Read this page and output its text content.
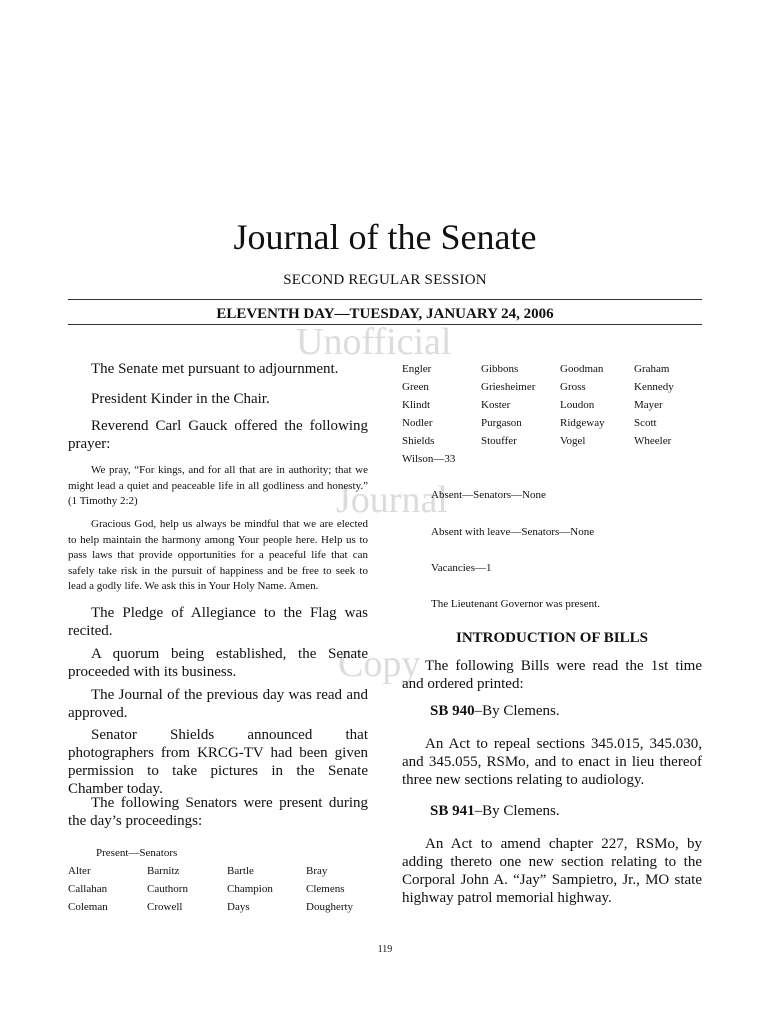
Unofficial
Journal
Copy
Journal of the Senate
SECOND REGULAR SESSION
ELEVENTH DAY—TUESDAY, JANUARY 24, 2006
The Senate met pursuant to adjournment.
President Kinder in the Chair.
Reverend Carl Gauck offered the following prayer:
We pray, “For kings, and for all that are in authority; that we might lead a quiet and peaceable life in all godliness and honesty.” (1 Timothy 2:2)
Gracious God, help us always be mindful that we are elected to help maintain the harmony among Your people here. Help us to pass laws that provide opportunities for a peaceful life that can safely take risk in the pursuit of happiness and be free to seek to lead a godly life. We ask this in Your Holy Name. Amen.
The Pledge of Allegiance to the Flag was recited.
A quorum being established, the Senate proceeded with its business.
The Journal of the previous day was read and approved.
Senator Shields announced that photographers from KRCG-TV had been given permission to take pictures in the Senate Chamber today.
The following Senators were present during the day’s proceedings:
Present—Senators
Alter	Barnitz	Bartle	Bray
Callahan	Cauthorn	Champion	Clemens
Coleman	Crowell	Days	Dougherty
Engler	Gibbons	Goodman	Graham
Green	Griesheimer	Gross	Kennedy
Klindt	Koster	Loudon	Mayer
Nodler	Purgason	Ridgeway	Scott
Shields	Stouffer	Vogel	Wheeler
Wilson—33			
Absent—Senators—None
Absent with leave—Senators—None
Vacancies—1
The Lieutenant Governor was present.
INTRODUCTION OF BILLS
The following Bills were read the 1st time and ordered printed:
SB 940–By Clemens.
An Act to repeal sections 345.015, 345.030, and 345.055, RSMo, and to enact in lieu thereof three new sections relating to audiology.
SB 941–By Clemens.
An Act to amend chapter 227, RSMo, by adding thereto one new section relating to the Corporal John A. “Jay” Sampietro, Jr., MO state highway patrol memorial highway.
119
